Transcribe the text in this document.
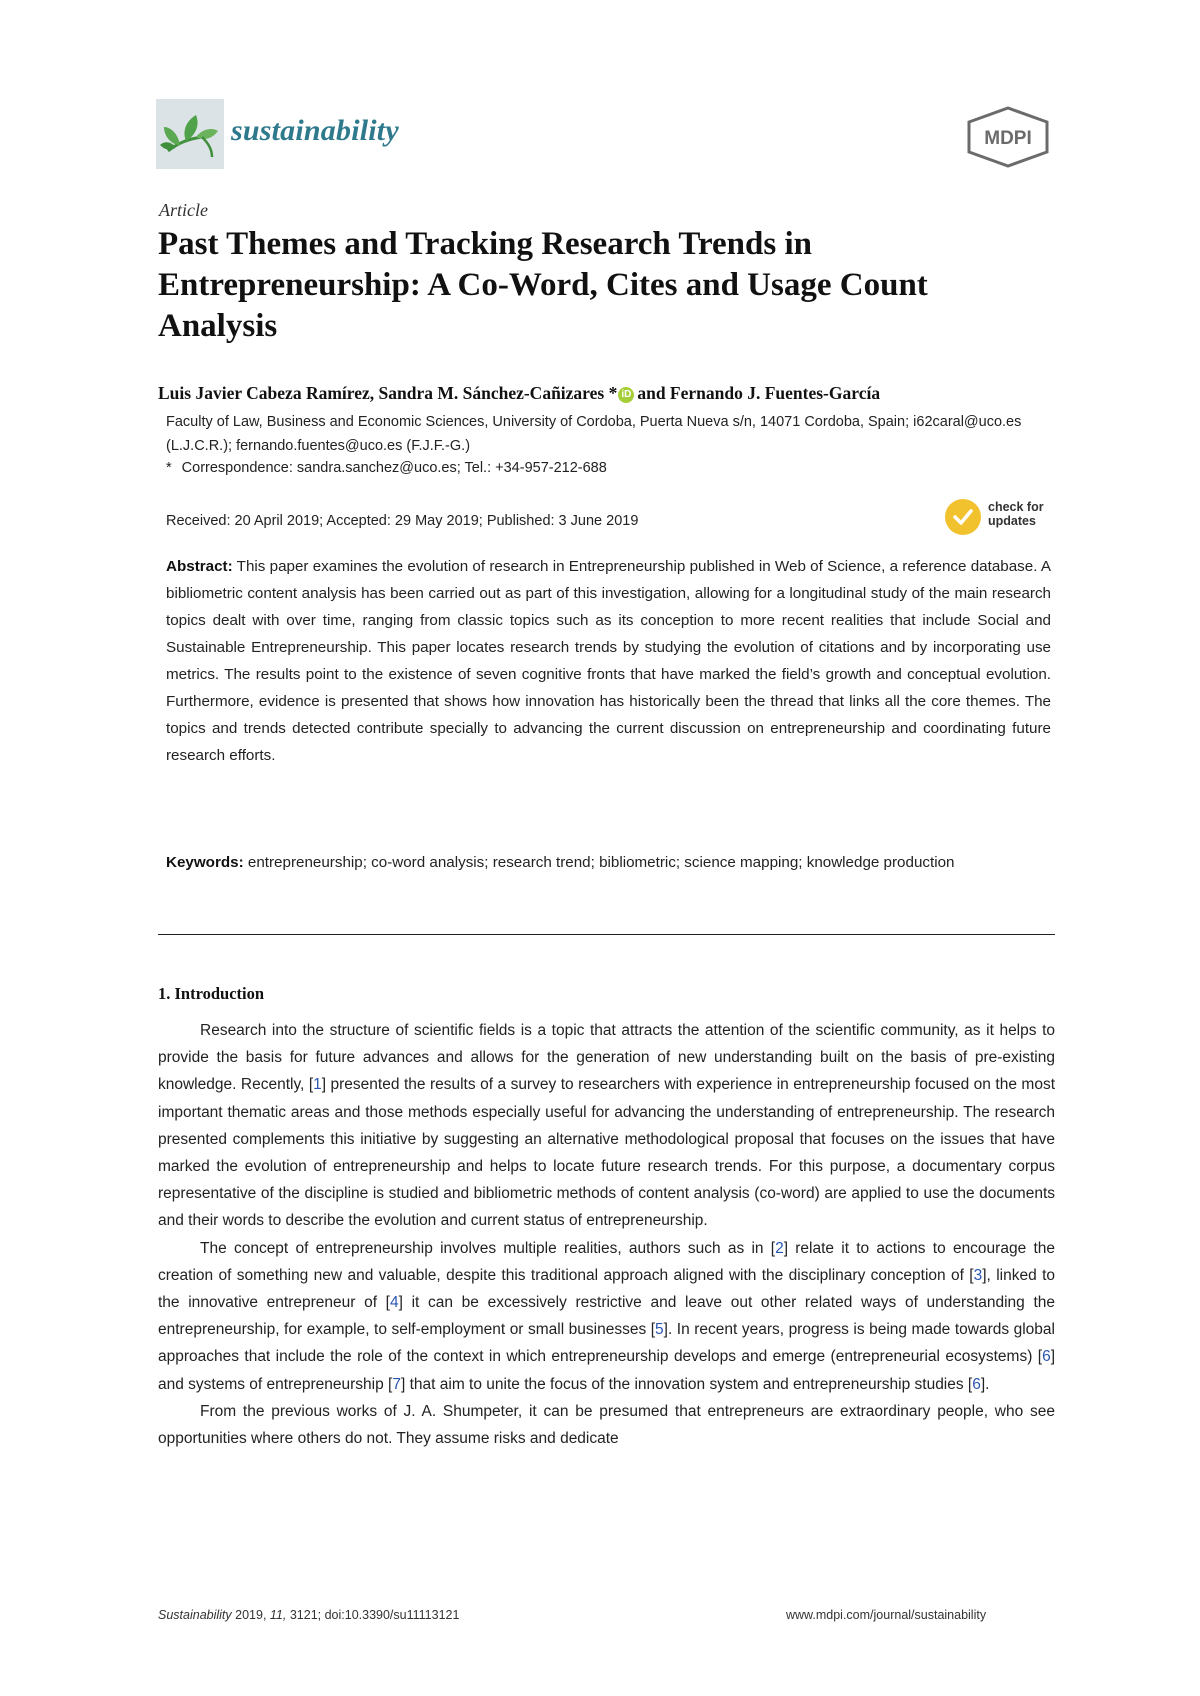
sustainability	MDPI
Article
Past Themes and Tracking Research Trends in Entrepreneurship: A Co-Word, Cites and Usage Count Analysis
Luis Javier Cabeza Ramírez, Sandra M. Sánchez-Cañizares * iD and Fernando J. Fuentes-García

Faculty of Law, Business and Economic Sciences, University of Cordoba, Puerta Nueva s/n, 14071 Cordoba, Spain; i62caral@uco.es (L.J.C.R.); fernando.fuentes@uco.es (F.J.F.-G.)

* Correspondence: sandra.sanchez@uco.es; Tel.: +34-957-212-688
Received: 20 April 2019; Accepted: 29 May 2019; Published: 3 June 2019
check for
updates

Abstract: This paper examines the evolution of research in Entrepreneurship published in Web of Science, a reference database. A bibliometric content analysis has been carried out as part of this investigation, allowing for a longitudinal study of the main research topics dealt with over time, ranging from classic topics such as its conception to more recent realities that include Social and Sustainable Entrepreneurship. This paper locates research trends by studying the evolution of citations and by incorporating use metrics. The results point to the existence of seven cognitive fronts that have marked the field’s growth and conceptual evolution. Furthermore, evidence is presented that shows how innovation has historically been the thread that links all the core themes. The topics and trends detected contribute specially to advancing the current discussion on entrepreneurship and coordinating future research efforts.

Keywords: entrepreneurship; co-word analysis; research trend; bibliometric; science mapping; knowledge production

1. Introduction

Research into the structure of scientific fields is a topic that attracts the attention of the scientific community, as it helps to provide the basis for future advances and allows for the generation of new understanding built on the basis of pre-existing knowledge. Recently, [1] presented the results of a survey to researchers with experience in entrepreneurship focused on the most important thematic areas and those methods especially useful for advancing the understanding of entrepreneurship. The research presented complements this initiative by suggesting an alternative methodological proposal that focuses on the issues that have marked the evolution of entrepreneurship and helps to locate future research trends. For this purpose, a documentary corpus representative of the discipline is studied and bibliometric methods of content analysis (co-word) are applied to use the documents and their words to describe the evolution and current status of entrepreneurship.

The concept of entrepreneurship involves multiple realities, authors such as in [2] relate it to actions to encourage the creation of something new and valuable, despite this traditional approach aligned with the disciplinary conception of [3], linked to the innovative entrepreneur of [4] it can be excessively restrictive and leave out other related ways of understanding the entrepreneurship, for example, to self-employment or small businesses [5]. In recent years, progress is being made towards global approaches that include the role of the context in which entrepreneurship develops and emerge (entrepreneurial ecosystems) [6] and systems of entrepreneurship [7] that aim to unite the focus of the innovation system and entrepreneurship studies [6].

From the previous works of J. A. Shumpeter, it can be presumed that entrepreneurs are extraordinary people, who see opportunities where others do not. They assume risks and dedicate

Sustainability 2019, 11, 3121; doi:10.3390/su11113121	www.mdpi.com/journal/sustainability
